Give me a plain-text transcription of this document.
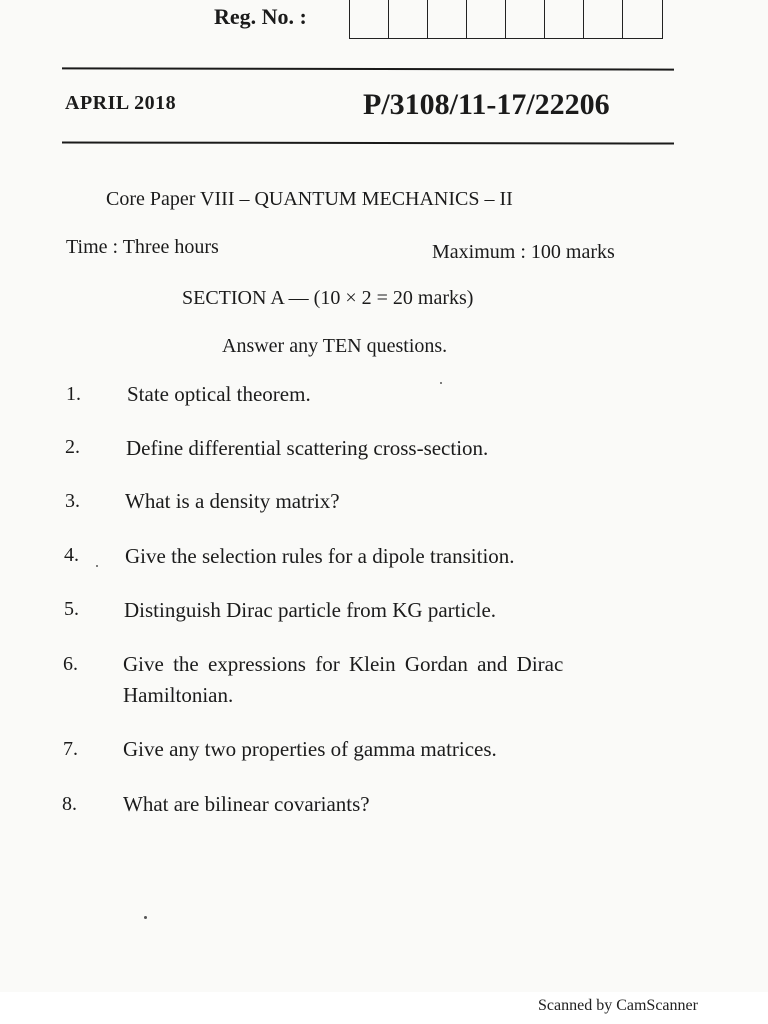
Reg. No. :
APRIL 2018	P/3108/11-17/22206
Core Paper VIII – QUANTUM MECHANICS – II
Time : Three hours	Maximum : 100 marks
SECTION A — (10 × 2 = 20 marks)
Answer any TEN questions.
1. State optical theorem.
2. Define differential scattering cross-section.
3. What is a density matrix?
4. Give the selection rules for a dipole transition.
5. Distinguish Dirac particle from KG particle.
6. Give the expressions for Klein Gordan and Dirac
Hamiltonian.
7. Give any two properties of gamma matrices.
8. What are bilinear covariants?
Scanned by CamScanner
